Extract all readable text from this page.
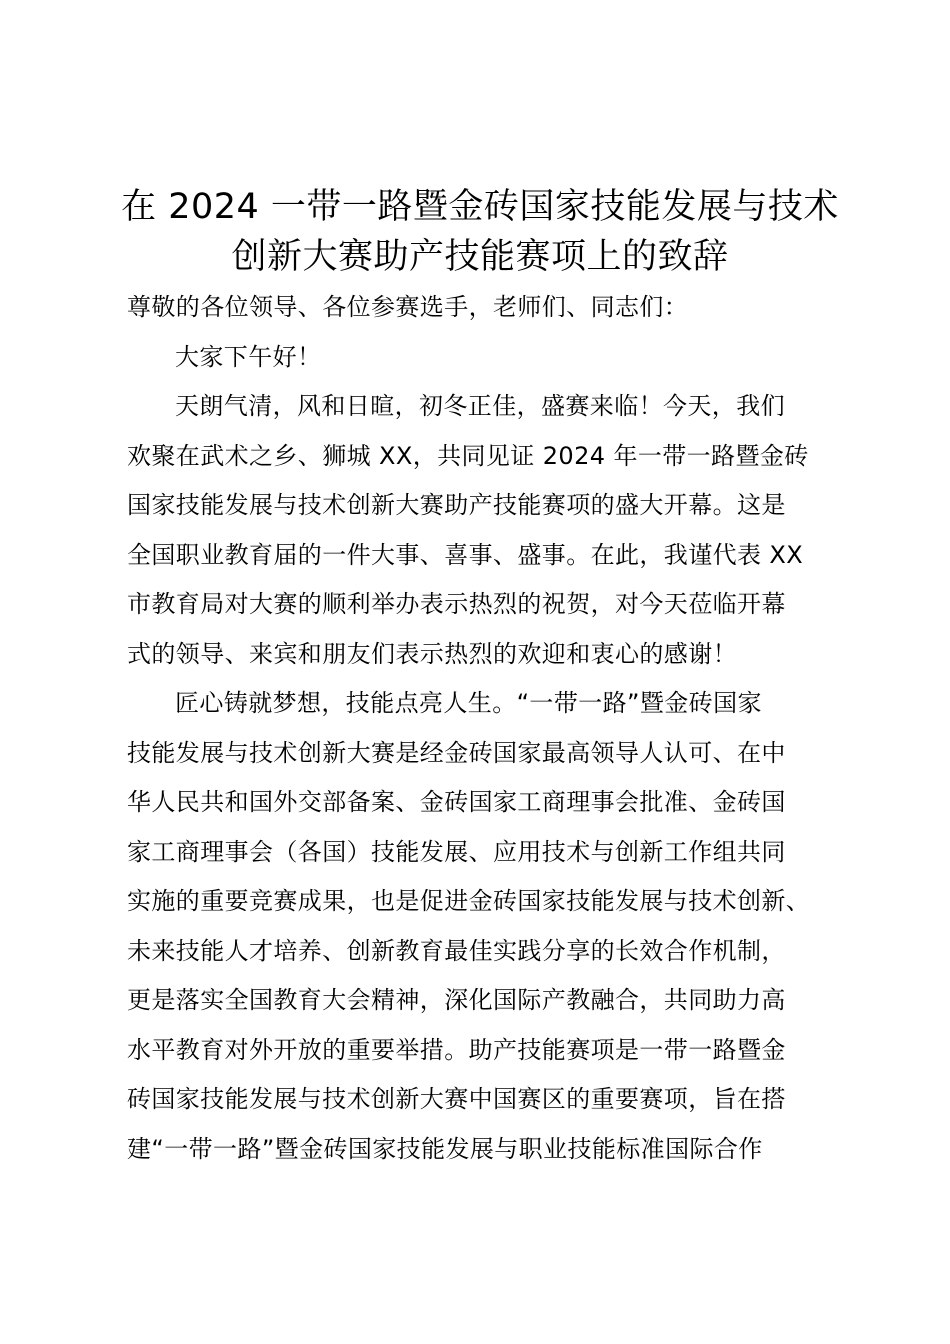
在 2024 一带一路暨金砖国家技能发展与技术
创新大赛助产技能赛项上的致辞
尊敬的各位领导、各位参赛选手，老师们、同志们：
大家下午好！
天朗气清，风和日暄，初冬正佳，盛赛来临！今天，我们
欢聚在武术之乡、狮城 XX，共同见证 2024 年一带一路暨金砖
国家技能发展与技术创新大赛助产技能赛项的盛大开幕。这是
全国职业教育届的一件大事、喜事、盛事。在此，我谨代表 XX
市教育局对大赛的顺利举办表示热烈的祝贺，对今天莅临开幕
式的领导、来宾和朋友们表示热烈的欢迎和衷心的感谢！
匠心铸就梦想，技能点亮人生。“一带一路”暨金砖国家
技能发展与技术创新大赛是经金砖国家最高领导人认可、在中
华人民共和国外交部备案、金砖国家工商理事会批准、金砖国
家工商理事会（各国）技能发展、应用技术与创新工作组共同
实施的重要竞赛成果，也是促进金砖国家技能发展与技术创新、
未来技能人才培养、创新教育最佳实践分享的长效合作机制，
更是落实全国教育大会精神，深化国际产教融合，共同助力高
水平教育对外开放的重要举措。助产技能赛项是一带一路暨金
砖国家技能发展与技术创新大赛中国赛区的重要赛项，旨在搭
建“一带一路”暨金砖国家技能发展与职业技能标准国际合作
